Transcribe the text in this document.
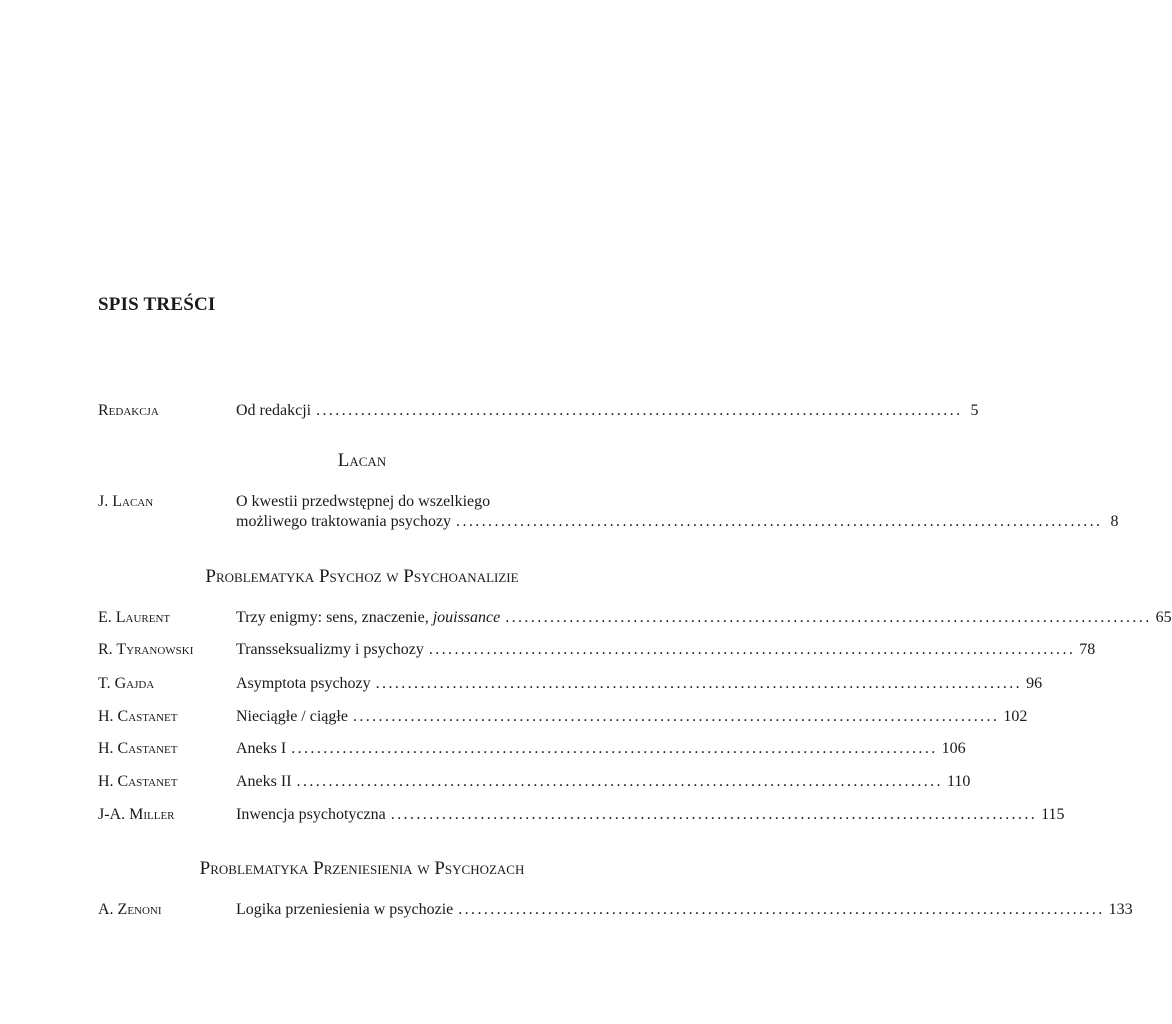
SPIS TREŚCI
Redakcja	Od redakcji ..................................................................................................... 5
Lacan
J. Lacan	O kwestii przedwstępnej do wszelkiego
możliwego traktowania psychozy ..................................................................................................... 8
Problematyka Psychoz w Psychoanalizie
E. Laurent	Trzy enigmy: sens, znaczenie, jouissance ..................................................................................................... 65
R. Tyranowski	Transseksualizmy i psychozy ..................................................................................................... 78
T. Gajda	Asymptota psychozy ..................................................................................................... 96
H. Castanet	Nieciągłe / ciągłe ..................................................................................................... 102
H. Castanet	Aneks I ..................................................................................................... 106
H. Castanet	Aneks II ..................................................................................................... 110
J-A. Miller	Inwencja psychotyczna ..................................................................................................... 115
Problematyka Przeniesienia w Psychozach
A. Zenoni	Logika przeniesienia w psychozie ..................................................................................................... 133
